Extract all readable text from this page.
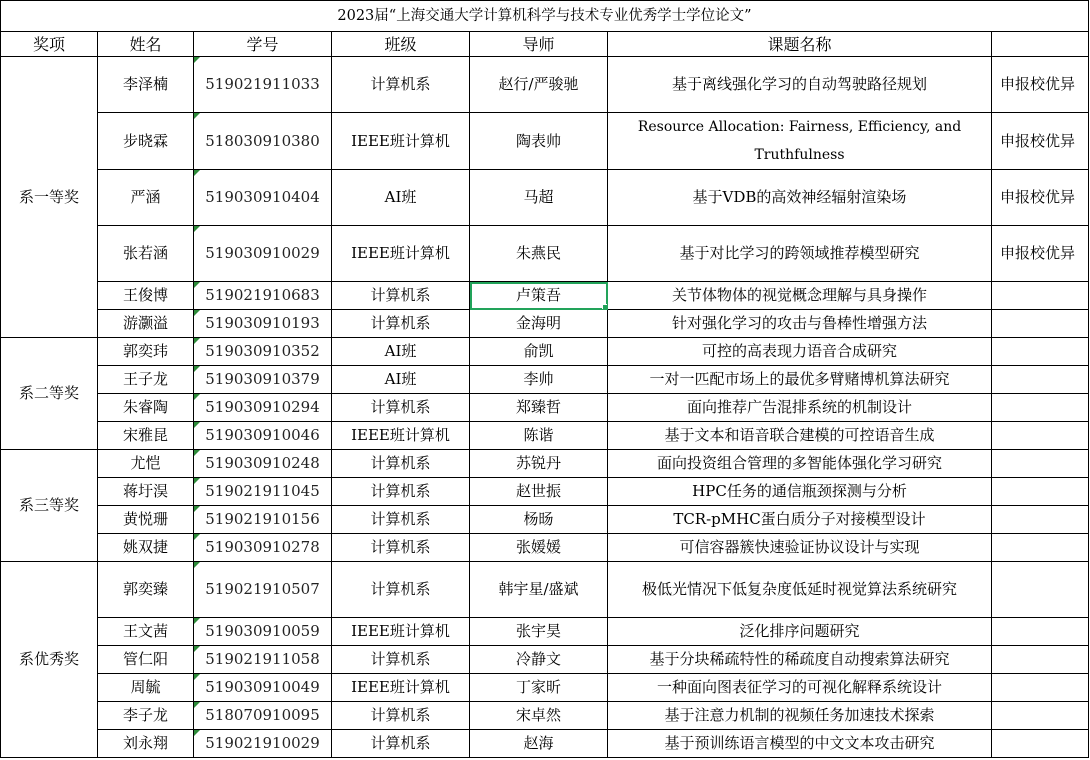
2023届“上海交通大学计算机科学与技术专业优秀学士学位论文”						
奖项	姓名	学号	班级	导师	课题名称	
系一等奖	李泽楠	519021911033	计算机系	赵行/严骏驰	基于离线强化学习的自动驾驶路径规划	申报校优异
	步晓霖	518030910380	IEEE班计算机	陶表帅	Resource Allocation: Fairness, Efficiency, and Truthfulness	申报校优异
	严涵	519030910404	AI班	马超	基于VDB的高效神经辐射渲染场	申报校优异
	张若涵	519030910029	IEEE班计算机	朱燕民	基于对比学习的跨领域推荐模型研究	申报校优异
	王俊博	519021910683	计算机系	卢策吾	关节体物体的视觉概念理解与具身操作	
	游灏溢	519030910193	计算机系	金海明	针对强化学习的攻击与鲁棒性增强方法	
系二等奖	郭奕玮	519030910352	AI班	俞凯	可控的高表现力语音合成研究	
	王子龙	519030910379	AI班	李帅	一对一匹配市场上的最优多臂赌博机算法研究	
	朱睿陶	519030910294	计算机系	郑臻哲	面向推荐广告混排系统的机制设计	
	宋雅昆	519030910046	IEEE班计算机	陈谐	基于文本和语音联合建模的可控语音生成	
系三等奖	尤恺	519030910248	计算机系	苏锐丹	面向投资组合管理的多智能体强化学习研究	
	蒋圩淏	519021911045	计算机系	赵世振	HPC任务的通信瓶颈探测与分析	
	黄悦珊	519021910156	计算机系	杨旸	TCR-pMHC蛋白质分子对接模型设计	
	姚双捷	519030910278	计算机系	张媛媛	可信容器簇快速验证协议设计与实现	
系优秀奖	郭奕臻	519021910507	计算机系	韩宇星/盛斌	极低光情况下低复杂度低延时视觉算法系统研究	
	王文茜	519030910059	IEEE班计算机	张宇昊	泛化排序问题研究	
	管仁阳	519021911058	计算机系	冷静文	基于分块稀疏特性的稀疏度自动搜索算法研究	
	周毓	519030910049	IEEE班计算机	丁家昕	一种面向图表征学习的可视化解释系统设计	
	李子龙	518070910095	计算机系	宋卓然	基于注意力机制的视频任务加速技术探索	
	刘永翔	519021910029	计算机系	赵海	基于预训练语言模型的中文文本攻击研究	
